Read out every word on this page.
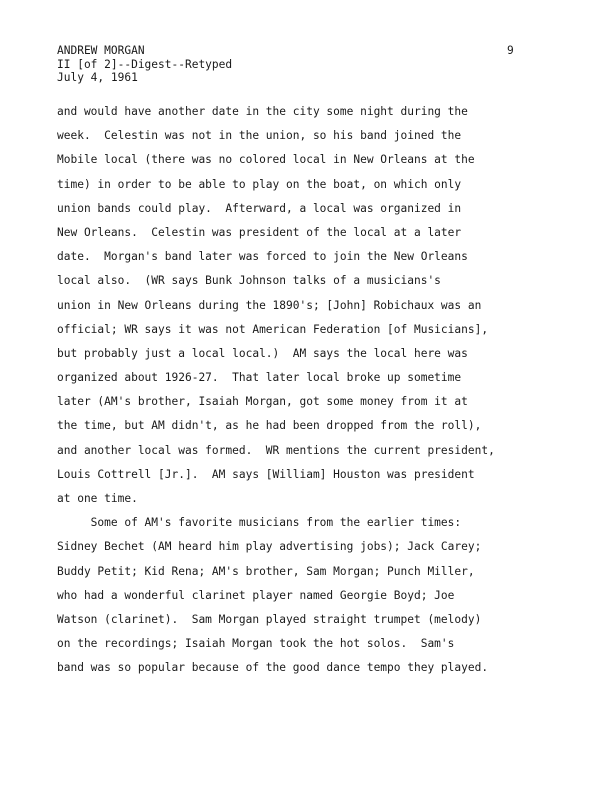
ANDREW MORGAN
II [of 2]--Digest--Retyped
July 4, 1961
9
and would have another date in the city some night during the
week.  Celestin was not in the union, so his band joined the
Mobile local (there was no colored local in New Orleans at the
time) in order to be able to play on the boat, on which only
union bands could play.  Afterward, a local was organized in
New Orleans.  Celestin was president of the local at a later
date.  Morgan's band later was forced to join the New Orleans
local also.  (WR says Bunk Johnson talks of a musicians's
union in New Orleans during the 1890's; [John] Robichaux was an
official; WR says it was not American Federation [of Musicians],
but probably just a local local.)  AM says the local here was
organized about 1926-27.  That later local broke up sometime
later (AM's brother, Isaiah Morgan, got some money from it at
the time, but AM didn't, as he had been dropped from the roll),
and another local was formed.  WR mentions the current president,
Louis Cottrell [Jr.].  AM says [William] Houston was president
at one time.
Some of AM's favorite musicians from the earlier times:
Sidney Bechet (AM heard him play advertising jobs); Jack Carey;
Buddy Petit; Kid Rena; AM's brother, Sam Morgan; Punch Miller,
who had a wonderful clarinet player named Georgie Boyd; Joe
Watson (clarinet).  Sam Morgan played straight trumpet (melody)
on the recordings; Isaiah Morgan took the hot solos.  Sam's
band was so popular because of the good dance tempo they played.
